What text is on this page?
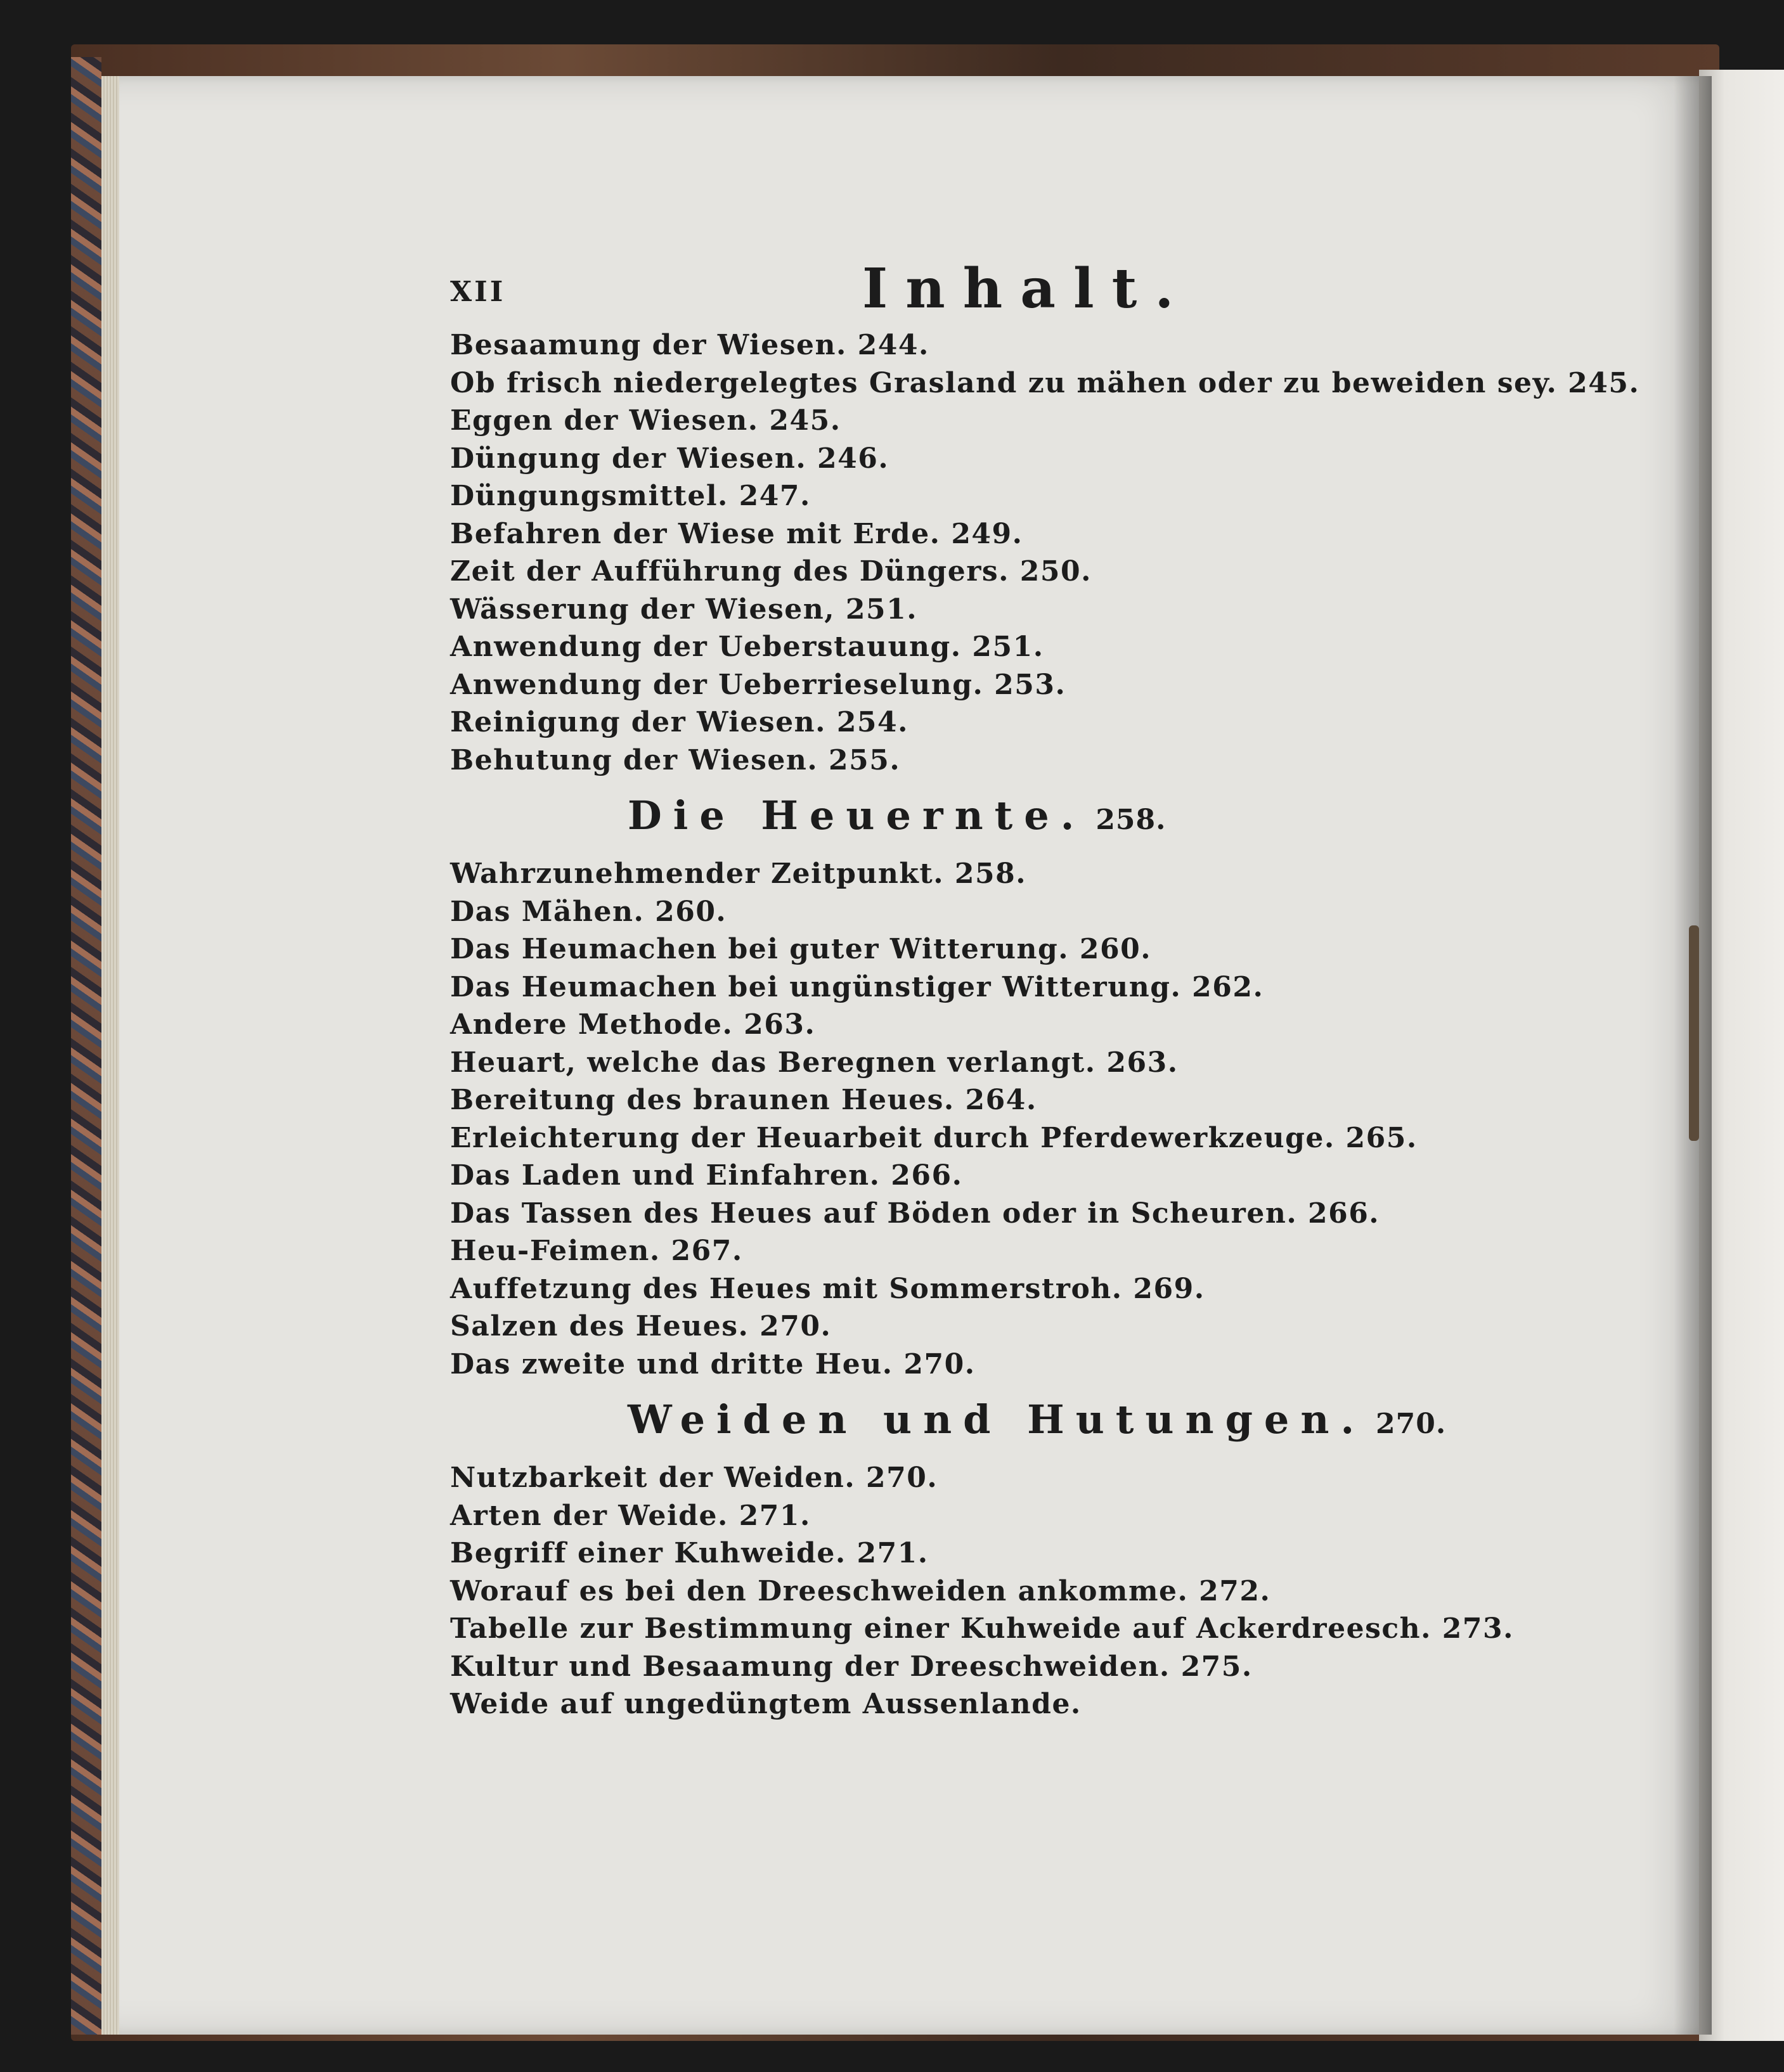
XII	Inhalt.
Besaamung der Wiesen. 244.
Ob frisch niedergelegtes Grasland zu mähen oder zu beweiden sey. 245.
Eggen der Wiesen. 245.
Düngung der Wiesen. 246.
Düngungsmittel. 247.
Befahren der Wiese mit Erde. 249.
Zeit der Aufführung des Düngers. 250.
Wässerung der Wiesen, 251.
Anwendung der Ueberstauung. 251.
Anwendung der Ueberrieselung. 253.
Reinigung der Wiesen. 254.
Behutung der Wiesen. 255.
Die Heuernte. 258.
Wahrzunehmender Zeitpunkt. 258.
Das Mähen. 260.
Das Heumachen bei guter Witterung. 260.
Das Heumachen bei ungünstiger Witterung. 262.
Andere Methode. 263.
Heuart, welche das Beregnen verlangt. 263.
Bereitung des braunen Heues. 264.
Erleichterung der Heuarbeit durch Pferdewerkzeuge. 265.
Das Laden und Einfahren. 266.
Das Tassen des Heues auf Böden oder in Scheuren. 266.
Heu-Feimen. 267.
Auffetzung des Heues mit Sommerstroh. 269.
Salzen des Heues. 270.
Das zweite und dritte Heu. 270.
Weiden und Hutungen. 270.
Nutzbarkeit der Weiden. 270.
Arten der Weide. 271.
Begriff einer Kuhweide. 271.
Worauf es bei den Dreeschweiden ankomme. 272.
Tabelle zur Bestimmung einer Kuhweide auf Ackerdreesch. 273.
Kultur und Besaamung der Dreeschweiden. 275.
Weide auf ungedüngtem Aussenlande.
